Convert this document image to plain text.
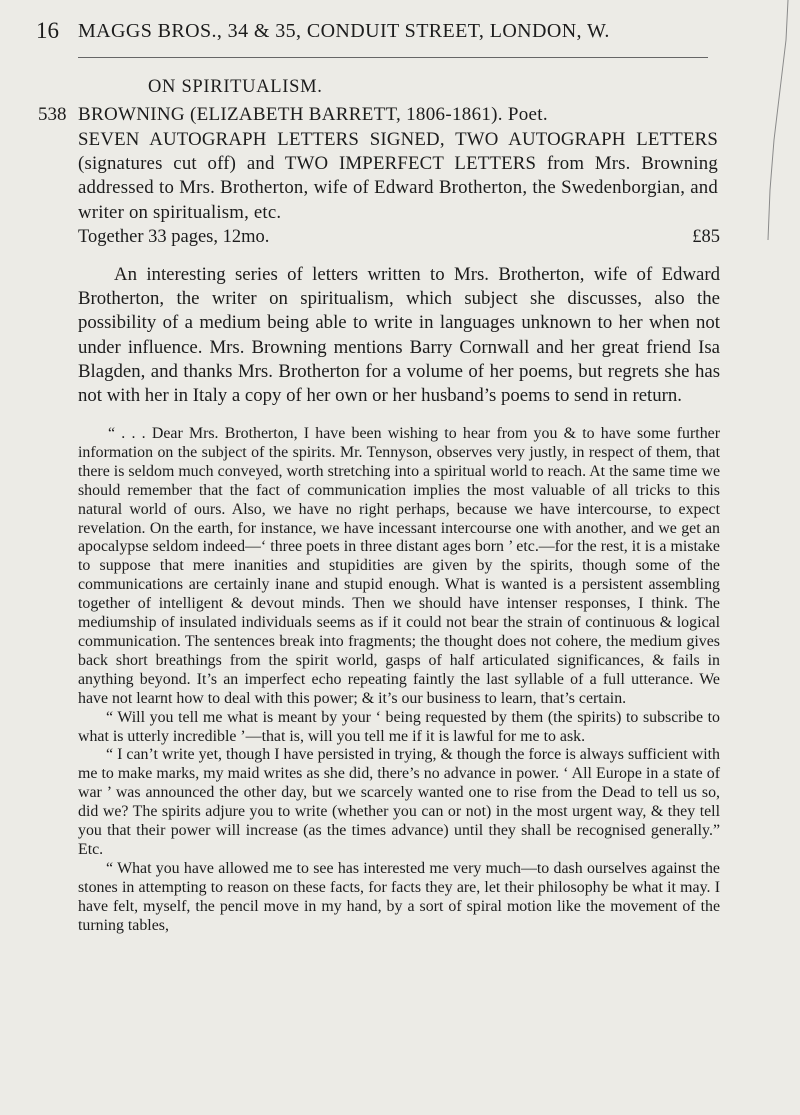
16 MAGGS BROS., 34 & 35, CONDUIT STREET, LONDON, W.
ON SPIRITUALISM.
538 BROWNING (ELIZABETH BARRETT, 1806-1861). Poet.

SEVEN AUTOGRAPH LETTERS SIGNED, TWO AUTOGRAPH LETTERS (signatures cut off) and TWO IMPERFECT LETTERS from Mrs. Browning addressed to Mrs. Brotherton, wife of Edward Brotherton, the Swedenborgian, and writer on spiritualism, etc.

Together 33 pages, 12mo.	£85

An interesting series of letters written to Mrs. Brotherton, wife of Edward Brotherton, the writer on spiritualism, which subject she discusses, also the possibility of a medium being able to write in languages unknown to her when not under influence. Mrs. Browning mentions Barry Cornwall and her great friend Isa Blagden, and thanks Mrs. Brotherton for a volume of her poems, but regrets she has not with her in Italy a copy of her own or her husband’s poems to send in return.

“ . . . Dear Mrs. Brotherton, I have been wishing to hear from you & to have some further information on the subject of the spirits. Mr. Tennyson, observes very justly, in respect of them, that there is seldom much conveyed, worth stretching into a spiritual world to reach. At the same time we should remember that the fact of communication implies the most valuable of all tricks to this natural world of ours. Also, we have no right perhaps, because we have intercourse, to expect revelation. On the earth, for instance, we have incessant intercourse one with another, and we get an apocalypse seldom indeed—‘ three poets in three distant ages born ’ etc.—for the rest, it is a mistake to suppose that mere inanities and stupidities are given by the spirits, though some of the communications are certainly inane and stupid enough. What is wanted is a persistent assembling together of intelligent & devout minds. Then we should have intenser responses, I think. The mediumship of insulated individuals seems as if it could not bear the strain of continuous & logical communication. The sentences break into fragments; the thought does not cohere, the medium gives back short breathings from the spirit world, gasps of half articulated significances, & fails in anything beyond. It’s an imperfect echo repeating faintly the last syllable of a full utterance. We have not learnt how to deal with this power; & it’s our business to learn, that’s certain.

“ Will you tell me what is meant by your ‘ being requested by them (the spirits) to subscribe to what is utterly incredible ’—that is, will you tell me if it is lawful for me to ask.

“ I can’t write yet, though I have persisted in trying, & though the force is always sufficient with me to make marks, my maid writes as she did, there’s no advance in power. ‘ All Europe in a state of war ’ was announced the other day, but we scarcely wanted one to rise from the Dead to tell us so, did we? The spirits adjure you to write (whether you can or not) in the most urgent way, & they tell you that their power will increase (as the times advance) until they shall be recognised generally.” Etc.

“ What you have allowed me to see has interested me very much—to dash ourselves against the stones in attempting to reason on these facts, for facts they are, let their philosophy be what it may. I have felt, myself, the pencil move in my hand, by a sort of spiral motion like the movement of the turning tables,
